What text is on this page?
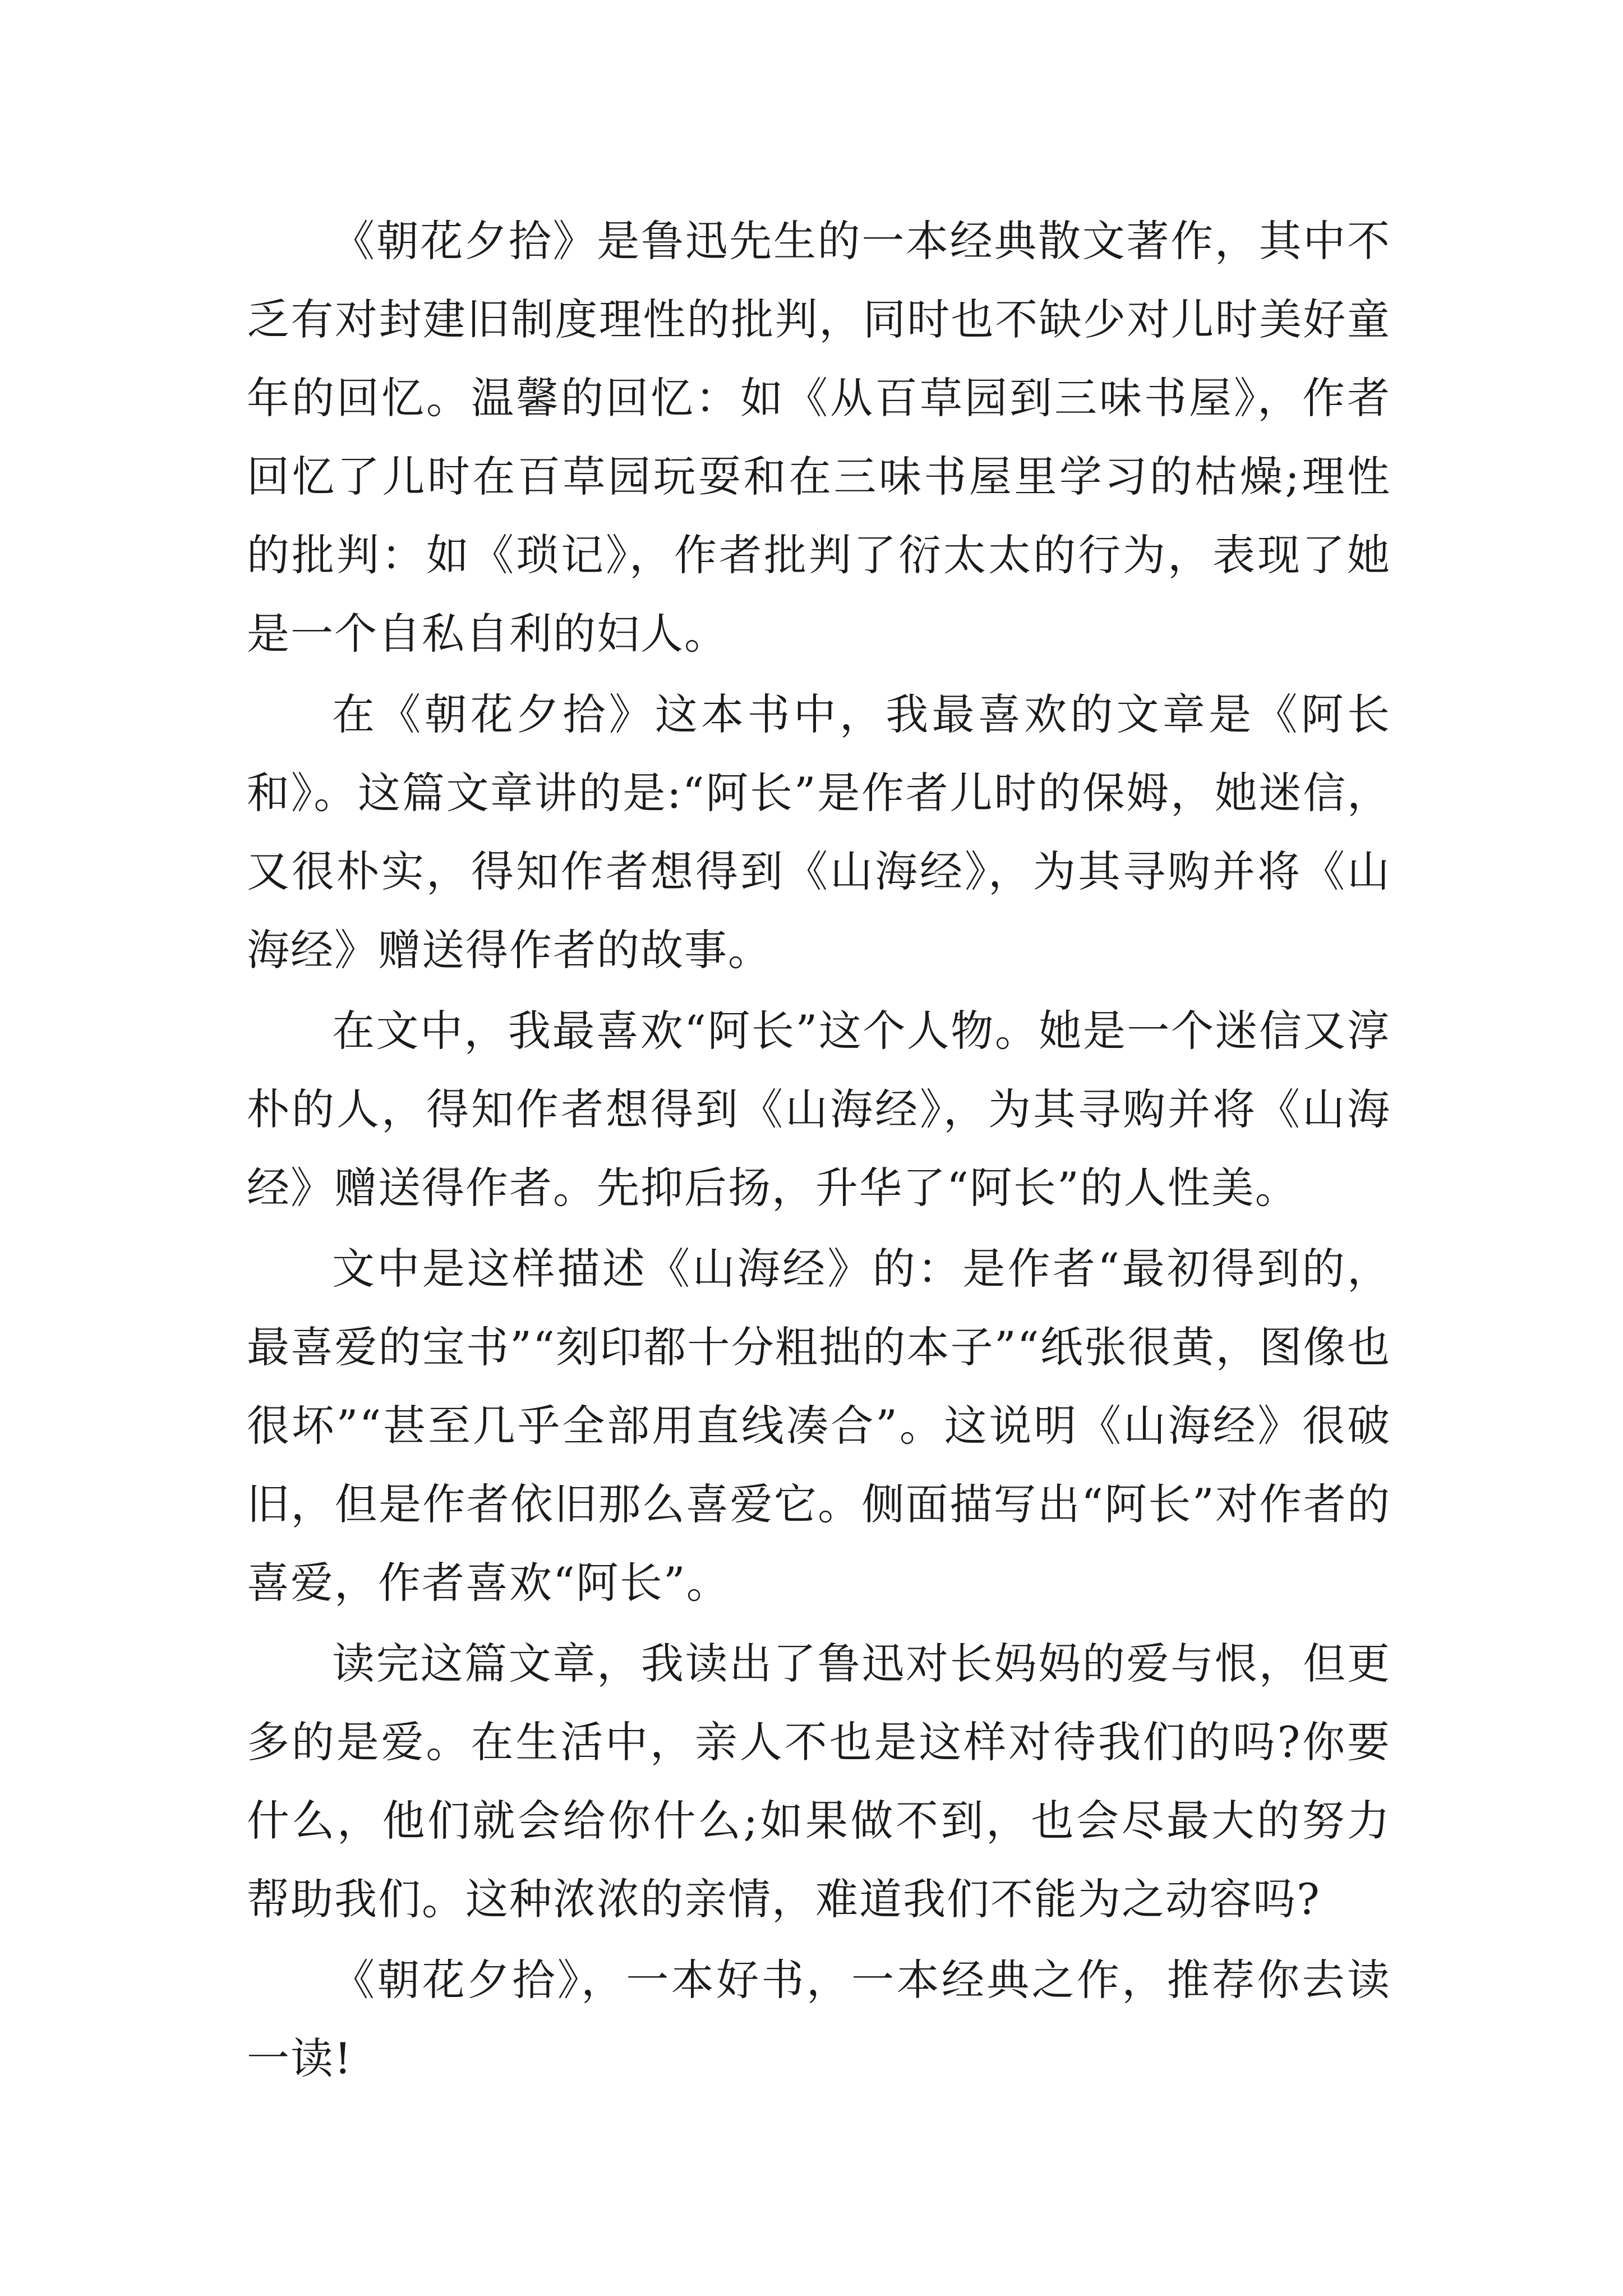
《朝花夕拾》是鲁迅先生的一本经典散文著作，其中不乏有对封建旧制度理性的批判，同时也不缺少对儿时美好童年的回忆。温馨的回忆：如《从百草园到三味书屋》，作者回忆了儿时在百草园玩耍和在三味书屋里学习的枯燥;理性的批判：如《琐记》，作者批判了衍太太的行为，表现了她是一个自私自利的妇人。

在《朝花夕拾》这本书中，我最喜欢的文章是《阿长和》。这篇文章讲的是:“阿长”是作者儿时的保姆，她迷信，又很朴实，得知作者想得到《山海经》，为其寻购并将《山海经》赠送得作者的故事。

在文中，我最喜欢“阿长”这个人物。她是一个迷信又淳朴的人，得知作者想得到《山海经》，为其寻购并将《山海经》赠送得作者。先抑后扬，升华了“阿长”的人性美。

文中是这样描述《山海经》的：是作者“最初得到的，最喜爱的宝书”“刻印都十分粗拙的本子”“纸张很黄，图像也很坏”“甚至几乎全部用直线凑合”。这说明《山海经》很破旧，但是作者依旧那么喜爱它。侧面描写出“阿长”对作者的喜爱，作者喜欢“阿长”。

读完这篇文章，我读出了鲁迅对长妈妈的爱与恨，但更多的是爱。在生活中，亲人不也是这样对待我们的吗?你要什么，他们就会给你什么;如果做不到，也会尽最大的努力帮助我们。这种浓浓的亲情，难道我们不能为之动容吗?

《朝花夕拾》，一本好书，一本经典之作，推荐你去读一读!
